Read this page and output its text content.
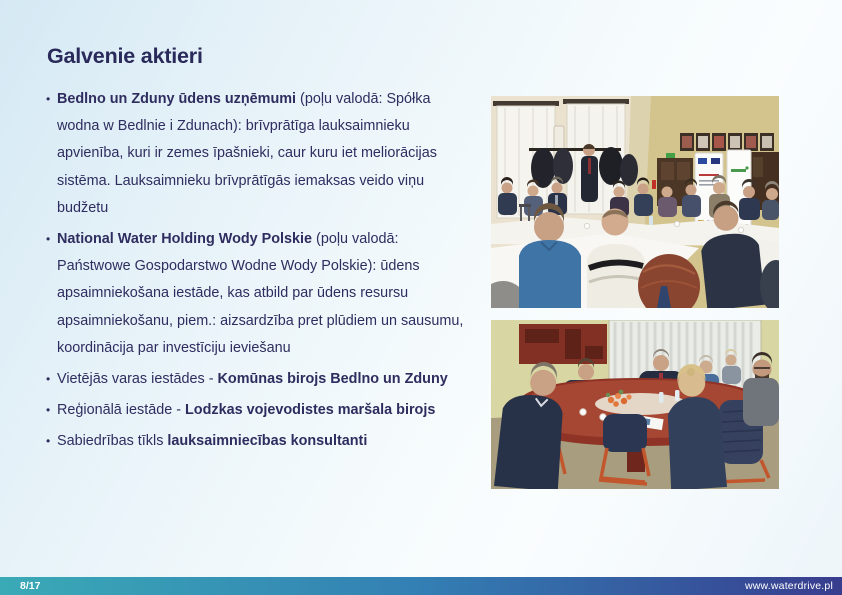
Galvenie aktieri
• Bedlno un Zduny ūdens uzņēmumi (poļu valodā: Spółka wodna w Bedlnie i Zdunach): brīvprātīga lauksaimnieku apvienība, kuri ir zemes īpašnieki, caur kuru iet meliorācijas sistēma. Lauksaimnieku brīvprātīgās iemaksas veido viņu budžetu
• National Water Holding Wody Polskie (poļu valodā: Państwowe Gospodarstwo Wodne Wody Polskie): ūdens apsaimniekošana iestāde, kas atbild par ūdens resursu apsaimniekošanu, piem.: aizsardzība pret plūdiem un sausumu, koordinācija par investīciju ieviešanu
• Vietējās varas iestādes - Komūnas birojs Bedlno un Zduny
• Reģionālā iestāde - Lodzkas vojevodistes maršala birojs
• Sabiedrības tīkls lauksaimniecības konsultanti
8/17	www.waterdrive.pl
